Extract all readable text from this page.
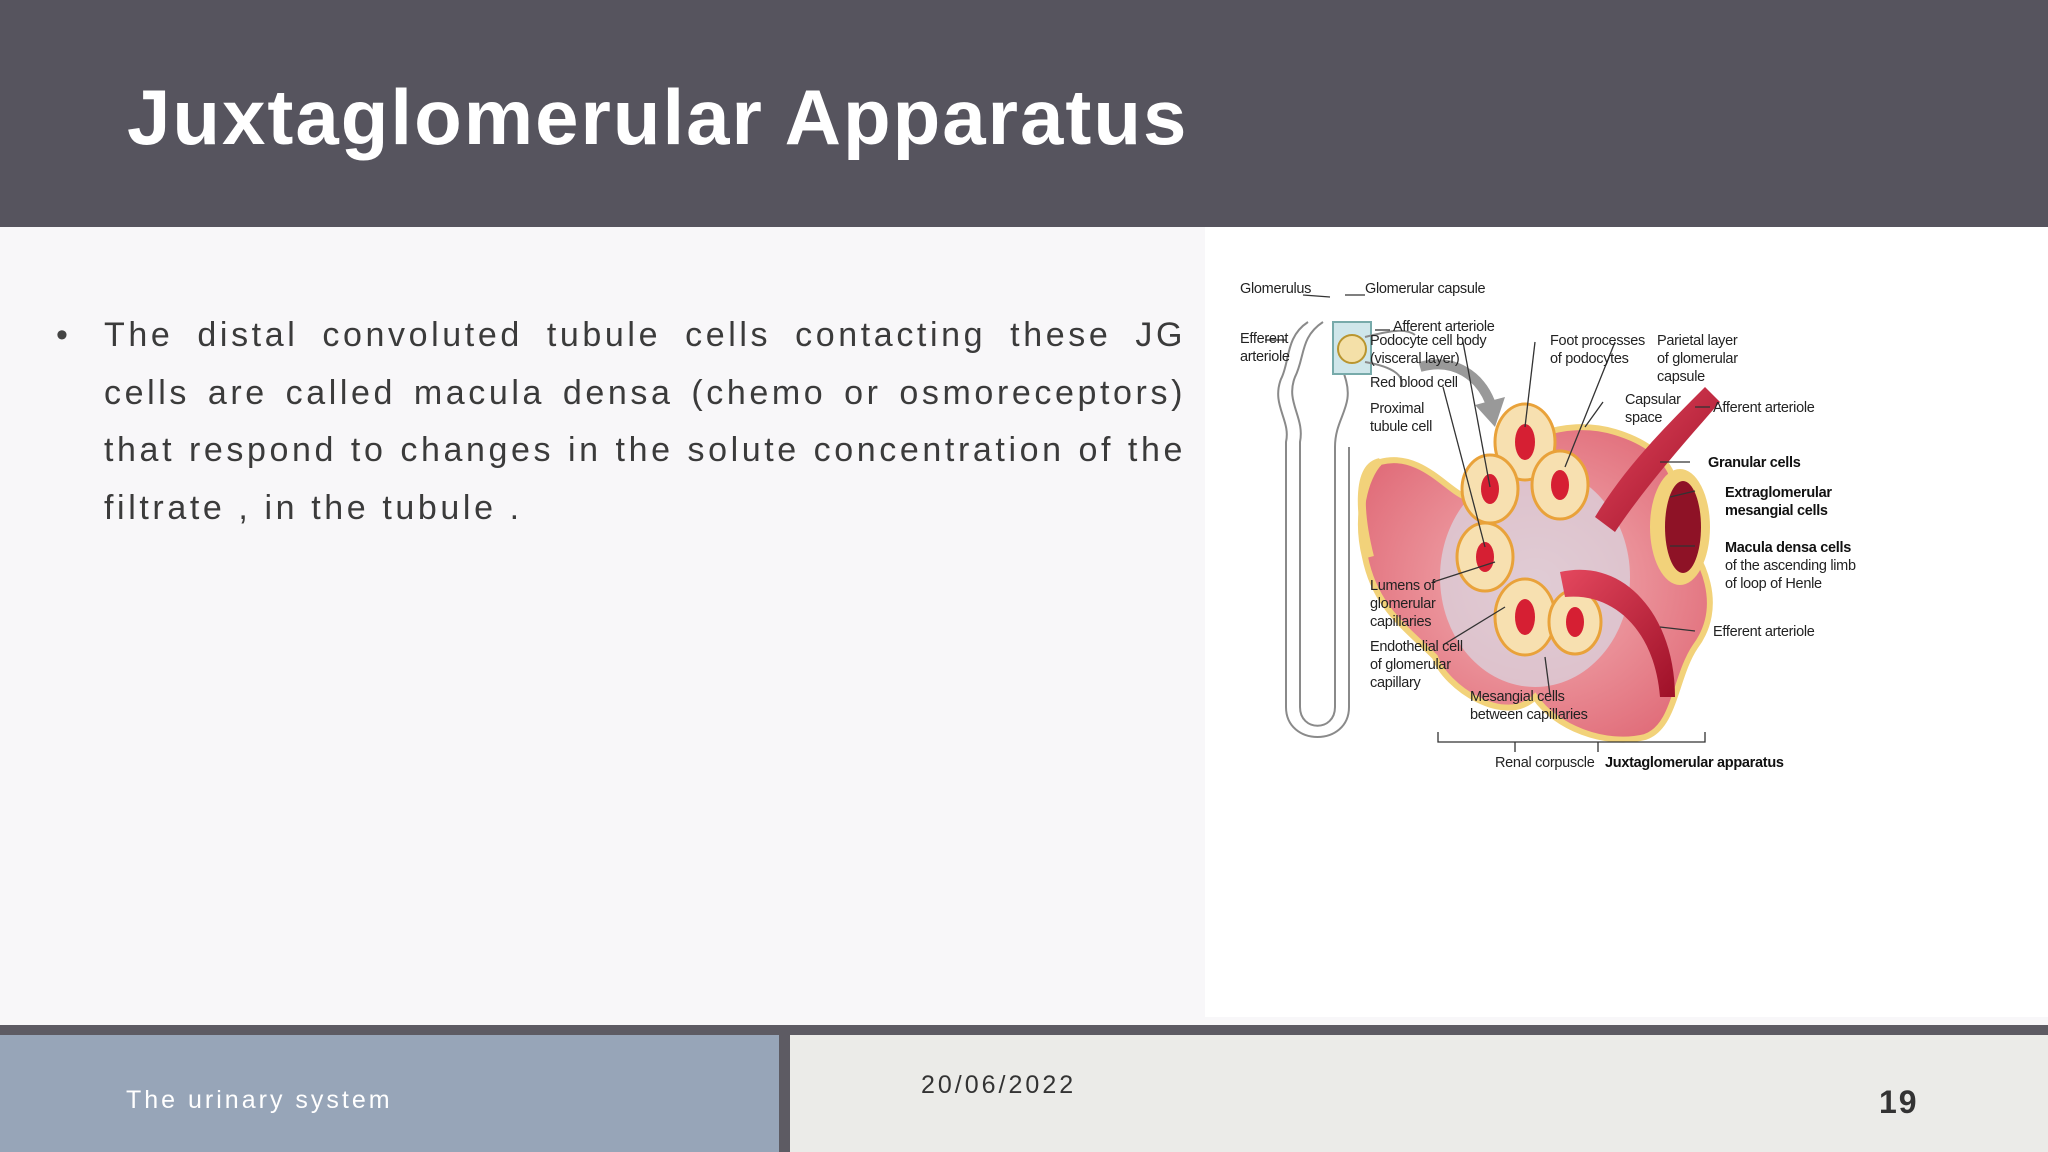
Juxtaglomerular Apparatus
•	The distal convoluted tubule cells contacting these JG cells are called macula densa (chemo or osmoreceptors) that respond to changes in the solute concentration of the filtrate , in the tubule .
Glomerulus	Glomerular capsule
Afferent arteriole
Efferent
arteriole
Podocyte cell body
(visceral layer)
Foot processes
of podocytes
Parietal layer
of glomerular
capsule
Red blood cell
Proximal
tubule cell
Capsular
space
Afferent arteriole
Granular cells
Extraglomerular
mesangial cells
Macula densa cells
of the ascending limb
of loop of Henle
Lumens of
glomerular
capillaries
Efferent arteriole
Endothelial cell
of glomerular
capillary
Mesangial cells
between capillaries
Renal corpuscle Juxtaglomerular apparatus
The urinary system
20/06/2022	19
